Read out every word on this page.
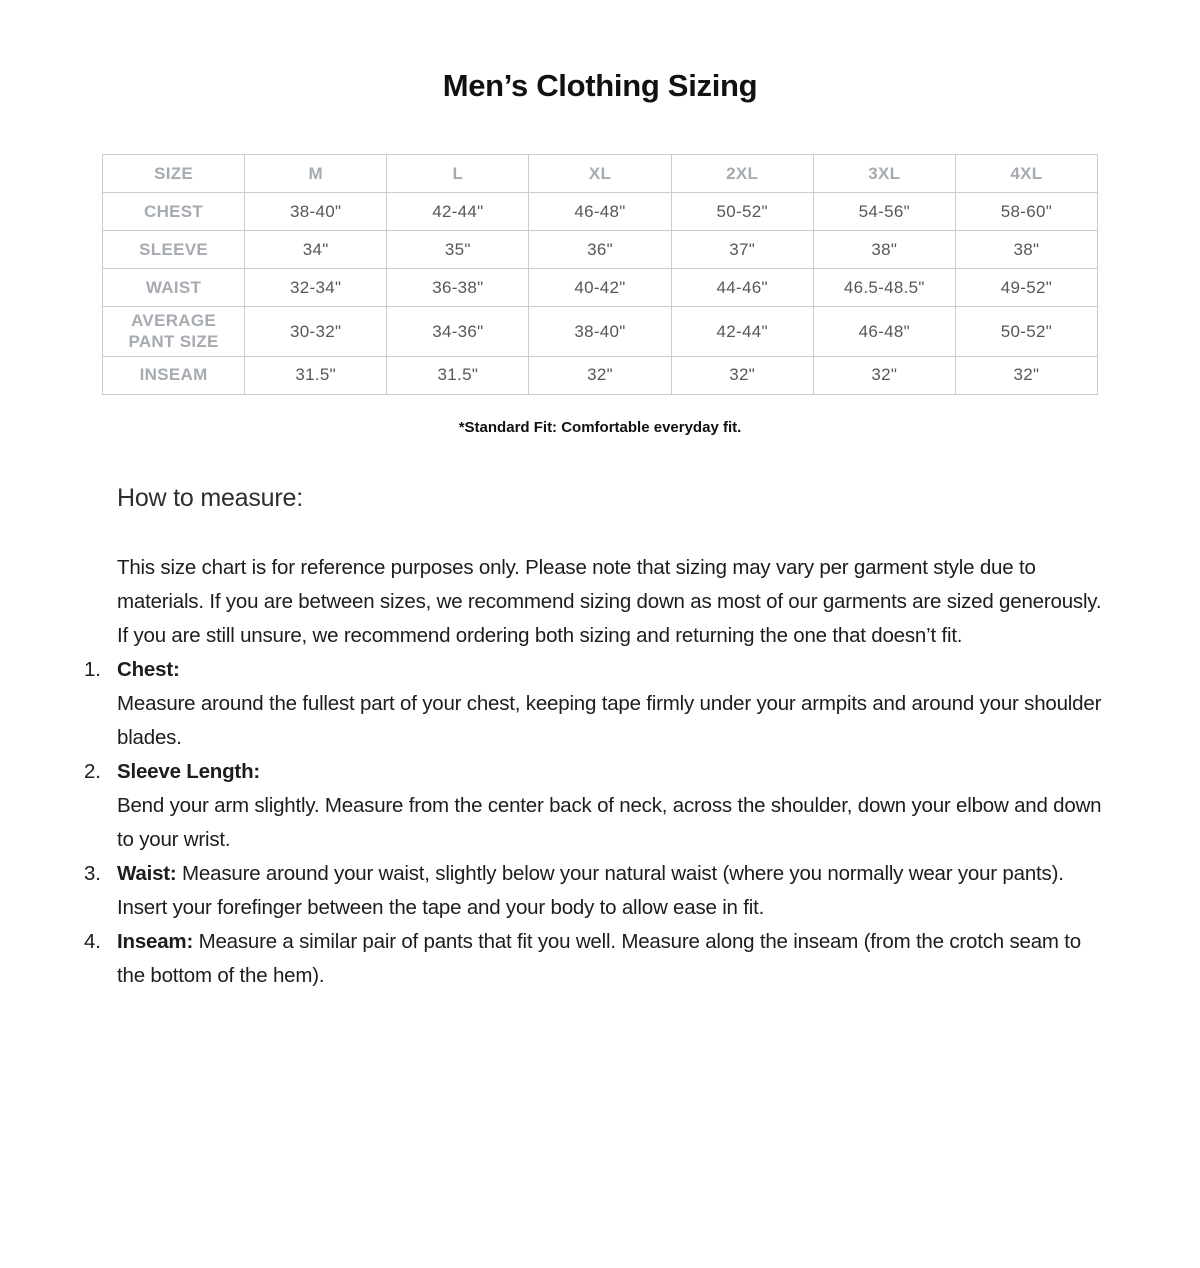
Men’s Clothing Sizing
SIZE	M	L	XL	2XL	3XL	4XL
CHEST	38-40"	42-44"	46-48"	50-52"	54-56"	58-60"
SLEEVE	34"	35"	36"	37"	38"	38"
WAIST	32-34"	36-38"	40-42"	44-46"	46.5-48.5"	49-52"
AVERAGE PANT SIZE	30-32"	34-36"	38-40"	42-44"	46-48"	50-52"
INSEAM	31.5"	31.5"	32"	32"	32"	32"
*Standard Fit: Comfortable everyday fit.
How to measure:

This size chart is for reference purposes only. Please note that sizing may vary per garment style due to materials. If you are between sizes, we recommend sizing down as most of our garments are sized generously. If you are still unsure, we recommend ordering both sizing and returning the one that doesn’t fit.

1. Chest:
Measure around the fullest part of your chest, keeping tape firmly under your armpits and around your shoulder blades.
2. Sleeve Length:
Bend your arm slightly. Measure from the center back of neck, across the shoulder, down your elbow and down to your wrist.
3. Waist: Measure around your waist, slightly below your natural waist (where you normally wear your pants). Insert your forefinger between the tape and your body to allow ease in fit.
4. Inseam: Measure a similar pair of pants that fit you well. Measure along the inseam (from the crotch seam to the bottom of the hem).
